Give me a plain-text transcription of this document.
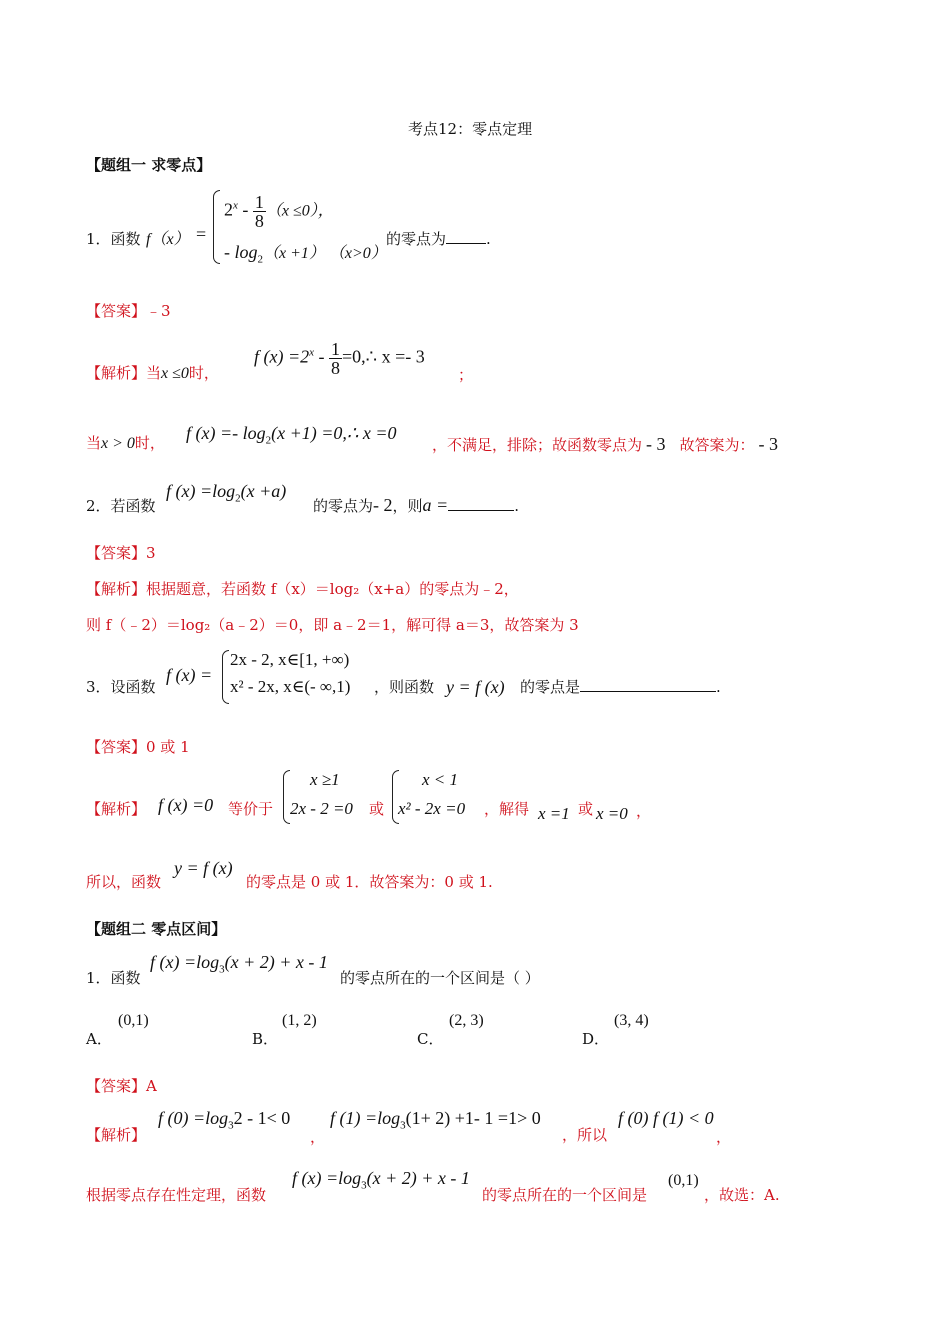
考点12：零点定理
【题组一 求零点】
1．函数 f（x） =
$2^x - \frac{1}{8} (x \le 0)$，
- $\log_2(x +1)$ （x>0）
的零点为	.
【答案】﹣3
【解析】当x ≤0时，
f $(x) =2^x - \frac{1}{8}$ =0,∴ x =- 3
；
当x > 0时， f $(x) =- \log_2(x +1)$ =0,∴ x =0
，不满足，排除；故函数零点为 - 3 故答案为： - 3
2．若函数
f $(x) =\log_2(x +a)$
的零点为- 2，则a =	.
【答案】3
【解析】根据题意，若函数 f（x）＝log₂（x+a）的零点为﹣2，
则 f（﹣2）＝log₂（a﹣2）＝0，即 a﹣2＝1，解可得 a＝3，故答案为 3
3．设函数
f (x) =
2x - 2, x∈[1, +∞)
x² - 2x, x∈(- ∞,1) ，则函数 y = f (x) 的零点是	.
【答案】0 或 1
【解析】 f (x) =0 等价于
x ≥1
2x - 2 =0 或
x < 1
x² - 2x =0 ，解得 x =1 或 x =0 ，
所以，函数
y = f (x)
的零点是 0 或 1．故答案为：0 或 1.
【题组二 零点区间】
1．函数
f $(x) =\log_3(x + 2) + x - 1$
的零点所在的一个区间是（ ）
A．
(0,1)
B．
(1, 2)
C．
(2, 3)
D．
(3, 4)
【答案】A
【解析】
f $(0) =\log_32 - 1< 0$
，
f $(1) =\log_3(1+ 2) +1-$ 1 =1> 0
，所以
f (0) f (1) < 0
，
根据零点存在性定理，函数
f $(x) =\log_3(x + 2) + x - 1$
的零点所在的一个区间是
(0,1)
，故选：A.
